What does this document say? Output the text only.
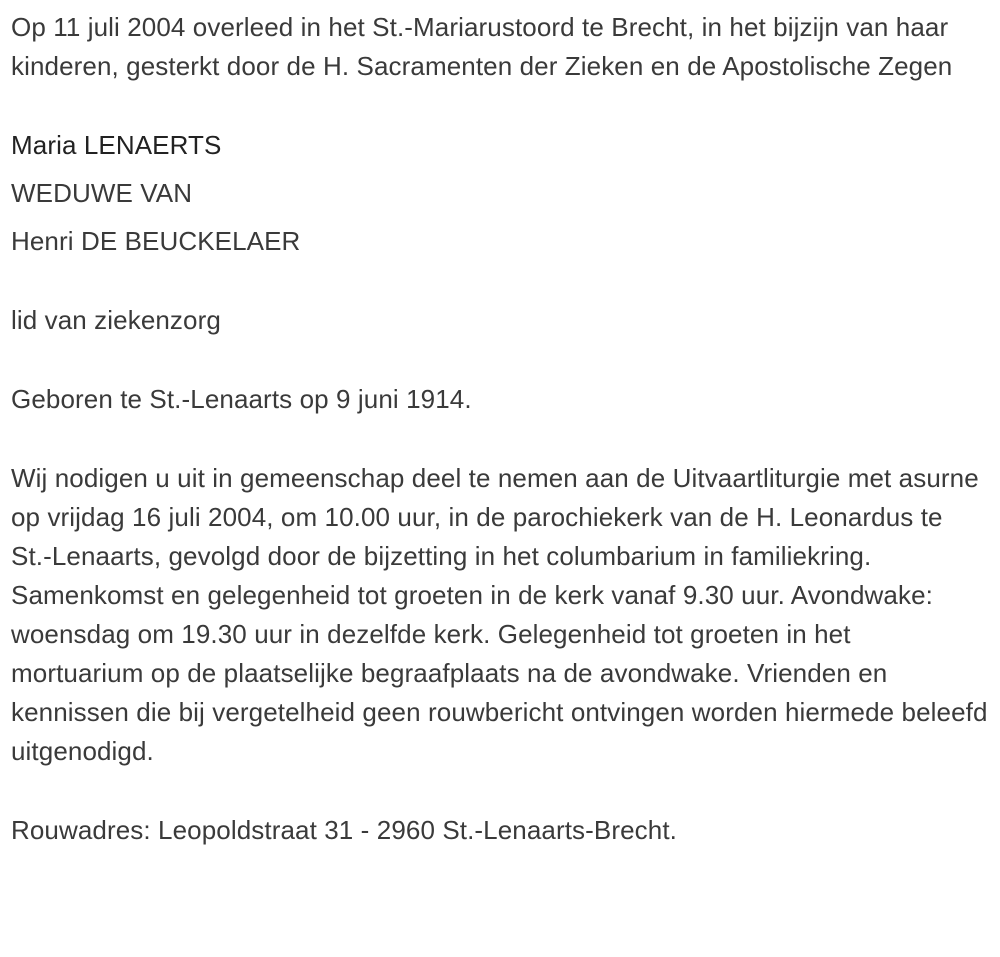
Op 11 juli 2004 overleed in het St.-Mariarustoord te Brecht, in het bijzijn van haar kinderen, gesterkt door de H. Sacramenten der Zieken en de Apostolische Zegen

Maria LENAERTS

WEDUWE VAN

Henri DE BEUCKELAER

lid van ziekenzorg

Geboren te St.-Lenaarts op 9 juni 1914.

Wij nodigen u uit in gemeenschap deel te nemen aan de Uitvaartliturgie met asurne op vrijdag 16 juli 2004, om 10.00 uur, in de parochiekerk van de H. Leonardus te St.-Lenaarts, gevolgd door de bijzetting in het columbarium in familiekring. Samenkomst en gelegenheid tot groeten in de kerk vanaf 9.30 uur. Avondwake: woensdag om 19.30 uur in dezelfde kerk. Gelegenheid tot groeten in het mortuarium op de plaatselijke begraafplaats na de avondwake. Vrienden en kennissen die bij vergetelheid geen rouwbericht ontvingen worden hiermede beleefd uitgenodigd.

Rouwadres: Leopoldstraat 31 - 2960 St.-Lenaarts-Brecht.
